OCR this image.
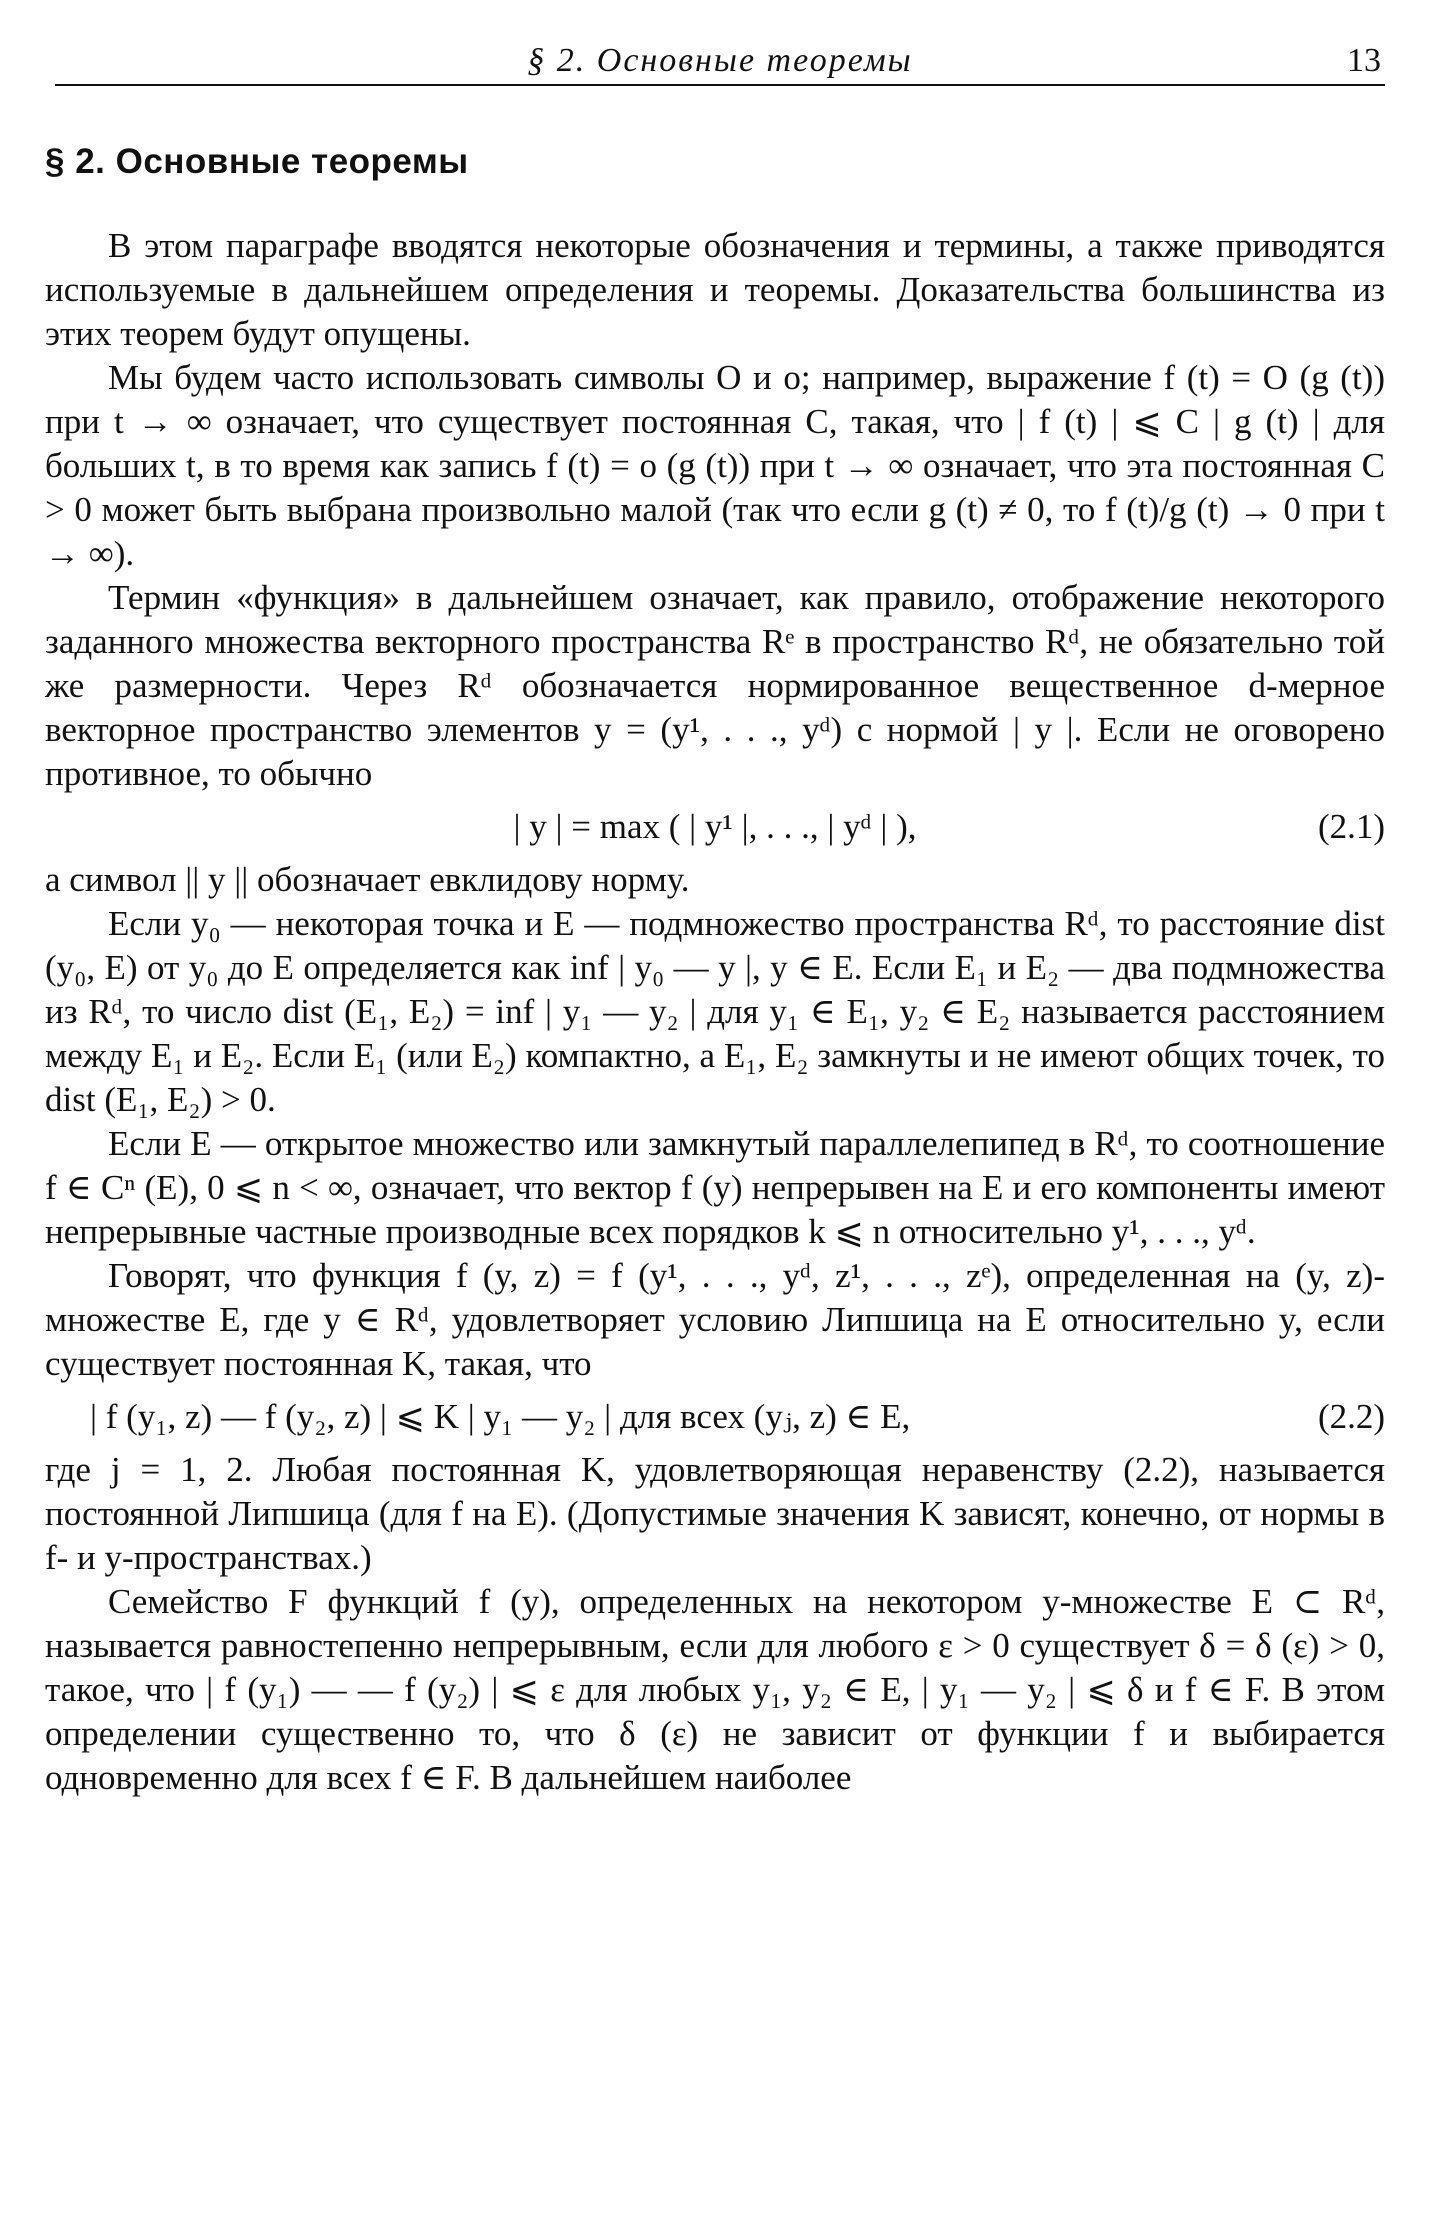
§ 2. Основные теоремы	13
§ 2. Основные теоремы

В этом параграфе вводятся некоторые обозначения и термины, а также приводятся используемые в дальнейшем определения и теоремы. Доказательства большинства из этих теорем будут опущены.

Мы будем часто использовать символы O и o; например, выражение f (t) = O (g (t)) при t → ∞ означает, что существует постоянная C, такая, что | f (t) | ⩽ C | g (t) | для больших t, в то время как запись f (t) = o (g (t)) при t → ∞ означает, что эта постоянная C > 0 может быть выбрана произвольно малой (так что если g (t) ≠ 0, то f (t)/g (t) → 0 при t → ∞).

Термин «функция» в дальнейшем означает, как правило, отображение некоторого заданного множества векторного пространства Rᵉ в пространство Rᵈ, не обязательно той же размерности. Через Rᵈ обозначается нормированное вещественное d-мерное векторное пространство элементов y = (y¹, . . ., yᵈ) с нормой | y |. Если не оговорено противное, то обычно

| y | = max ( | y¹ |, . . ., | yᵈ | ),	(2.1)

а символ || y || обозначает евклидову норму.

Если y₀ — некоторая точка и E — подмножество пространства Rᵈ, то расстояние dist (y₀, E) от y₀ до E определяется как inf | y₀ — y |, y ∈ E. Если E₁ и E₂ — два подмножества из Rᵈ, то число dist (E₁, E₂) = inf | y₁ — y₂ | для y₁ ∈ E₁, y₂ ∈ E₂ называется расстоянием между E₁ и E₂. Если E₁ (или E₂) компактно, а E₁, E₂ замкнуты и не имеют общих точек, то dist (E₁, E₂) > 0.

Если E — открытое множество или замкнутый параллелепипед в Rᵈ, то соотношение f ∈ Cⁿ (E), 0 ⩽ n < ∞, означает, что вектор f (y) непрерывен на E и его компоненты имеют непрерывные частные производные всех порядков k ⩽ n относительно y¹, . . ., yᵈ.

Говорят, что функция f (y, z) = f (y¹, . . ., yᵈ, z¹, . . ., zᵉ), определенная на (y, z)-множестве E, где y ∈ Rᵈ, удовлетворяет условию Липшица на E относительно y, если существует постоянная K, такая, что

| f (y₁, z) — f (y₂, z) | ⩽ K | y₁ — y₂ | для всех (yⱼ, z) ∈ E,	(2.2)

где j = 1, 2. Любая постоянная K, удовлетворяющая неравенству (2.2), называется постоянной Липшица (для f на E). (Допустимые значения K зависят, конечно, от нормы в f- и y-пространствах.)

Семейство F функций f (y), определенных на некотором y-множестве E ⊂ Rᵈ, называется равностепенно непрерывным, если для любого ε > 0 существует δ = δ (ε) > 0, такое, что | f (y₁) — — f (y₂) | ⩽ ε для любых y₁, y₂ ∈ E, | y₁ — y₂ | ⩽ δ и f ∈ F. В этом определении существенно то, что δ (ε) не зависит от функции f и выбирается одновременно для всех f ∈ F. В дальнейшем наиболее
